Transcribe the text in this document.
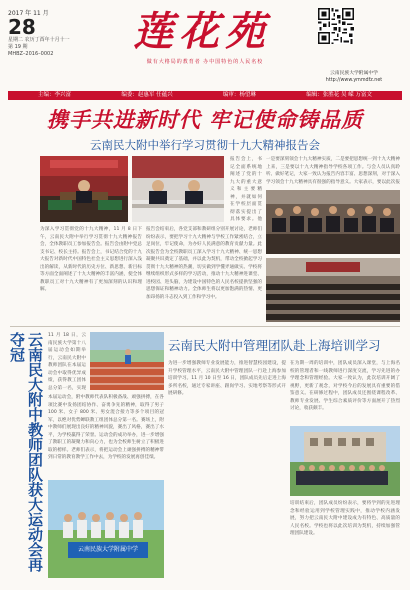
2017 年 11 月
28
星期二 农历丁酉年十月十一
第 19 期
MHBZ–2016–0002	莲花苑
做有大格局的教育者 办中国特色的人民名校
云南民族大学附属中学
http://www.ymmdfz.net
主编：李兴富	编委：赵惠军 任蕴兴	编审：杨望琳	编辑：张胜花 吴 嵘 万富文
携手共进新时代 牢记使命铸品质
云南民大附中举行学习贯彻十九大精神报告会
为深入学习贯彻党的十九大精神，11 月 8 日下午，云南民大附中举行学习贯彻十九大精神报告会，全体教职员工参加报告会。报告会由附中党总支书记、校长主持。报告会上，书记结合党的十九大报告对新时代中国特色社会主义思想进行深入浅出的解读，从新时代的历史方位、新思想、新目标等方面全面阐述了十九大精神的丰富内涵，使全体教职员工对十九大精神有了更加深刻的认识和理解。
报告会结束后，各党支部和教研组分别开展讨论，老师们纷纷表示，要把学习十九大精神与学校工作紧密结合，立足岗位，牢记使命，为办好人民满意的教育贡献力量。此次报告会为全校教职员工深入学习十九大精神、统一思想凝聚共识奠定了基础，并以此为契机，带动全校掀起学习贯彻十九大精神的热潮，切实做到学懂弄通做实。学校将继续组织形式多样的学习活动，推动十九大精神进课堂、进校园、进头脑，为建设中国特色的人民名校提供坚强的思想保证和精神动力。全体师生将以更加饱满的热情、更加昂扬的斗志投入到工作和学习中。
报告会上，书记全面系统地阐述了党的十九大的重大意义和主要精神，并就如何在学校层面贯彻落实提出了具体要求。他
一是要深刻领会十九大精神实质，二是要把思想统一到十九大精神上来，三是要以十九大精神指导学校各项工作。与会人员认真聆听、做好笔记，大家一致认为报告内容丰富、思想深刻，对于深入学习领会十九大精神具有很强的指导意义。大家表示，要以此次报
云南民大附中教师团队获大运动会再夺冠	11 月 18 日，云南民族大学第十八届运动会如期举行，云南民大附中教师团队在本届运动会中取得优异成绩，获得教工团体总分第一名，实现
本届运动会，附中教师代表队积极备战、顽强拼搏，在各项比赛中发扬团结协作、奋勇争先的精神，取得了男子 100 米、女子 800 米、男女混合接力等多个项目的冠军，以绝对优势蝉联教工组团体总分第一名。赛场上，附中教师们展现出良好的精神风貌，赛出了风格，赛出了水平，为学校赢得了荣誉。运动会的成功举办，进一步增强了教职工的凝聚力和向心力，也为全校师生树立了积极进取的榜样。老师们表示，将把运动会上顽强拼搏的精神带到日常的教育教学工作中去，为学校的发展再创佳绩。
云南民族大学附属中学
云南民大附中管理团队赴上海培训学习
为进一步增强教师专业发展能力，推进智慧校园建设，提升学校管理水平，云南民大附中管理团队一行赴上海参加培训学习。11 月 10 日至 16 日，团队成员先后走进上海多所名校，通过专家讲座、跟岗学习、实地考察等形式开展研修。
在为期一周的培训中，团队成员深入课堂，与上海名校的管理者和一线教师进行深度交流，学习先进的办学理念和管理经验。大家一致认为，此次培训开阔了视野，更新了观念，对学校今后的发展具有重要的借鉴意义。在研修过程中，团队成员还围绕课程改革、教师专业发展、学生综合素质评价等方面展开了热烈讨论，收获颇丰。
培训结束后，团队成员纷纷表示，要将学到的先进理念和经验运用到学校管理实践中，推动学校内涵发展，努力把云南民大附中建设成为有特色、高质量的人民名校。学校也将以此次培训为契机，持续加强管理团队建设。
